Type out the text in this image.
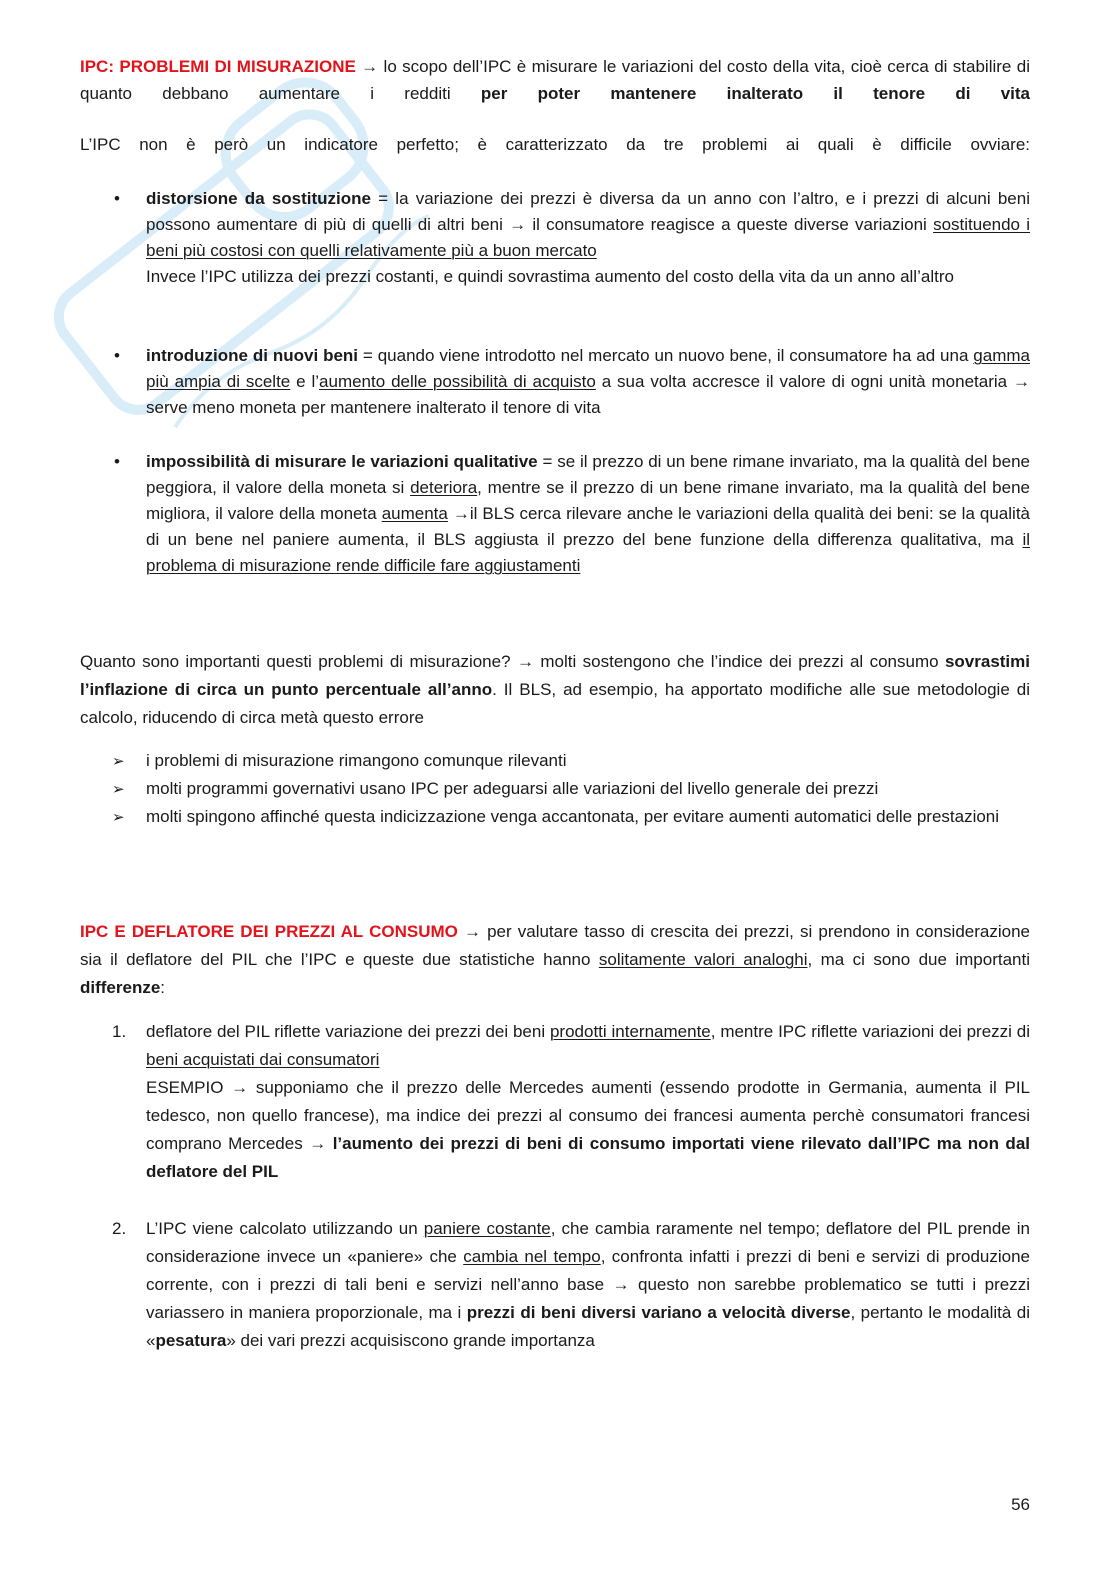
IPC: PROBLEMI DI MISURAZIONE → lo scopo dell’IPC è misurare le variazioni del costo della vita, cioè cerca di stabilire di quanto debbano aumentare i redditi per poter mantenere inalterato il tenore di vita
L’IPC non è però un indicatore perfetto; è caratterizzato da tre problemi ai quali è difficile ovviare:
• distorsione da sostituzione = la variazione dei prezzi è diversa da un anno con l’altro, e i prezzi di alcuni beni possono aumentare di più di quelli di altri beni → il consumatore reagisce a queste diverse variazioni sostituendo i beni più costosi con quelli relativamente più a buon mercato
Invece l’IPC utilizza dei prezzi costanti, e quindi sovrastima aumento del costo della vita da un anno all’altro
• introduzione di nuovi beni = quando viene introdotto nel mercato un nuovo bene, il consumatore ha ad una gamma più ampia di scelte e l’aumento delle possibilità di acquisto a sua volta accresce il valore di ogni unità monetaria → serve meno moneta per mantenere inalterato il tenore di vita
• impossibilità di misurare le variazioni qualitative = se il prezzo di un bene rimane invariato, ma la qualità del bene peggiora, il valore della moneta si deteriora, mentre se il prezzo di un bene rimane invariato, ma la qualità del bene migliora, il valore della moneta aumenta →il BLS cerca rilevare anche le variazioni della qualità dei beni: se la qualità di un bene nel paniere aumenta, il BLS aggiusta il prezzo del bene funzione della differenza qualitativa, ma il problema di misurazione rende difficile fare aggiustamenti
Quanto sono importanti questi problemi di misurazione? → molti sostengono che l’indice dei prezzi al consumo sovrastimi l’inflazione di circa un punto percentuale all’anno. Il BLS, ad esempio, ha apportato modifiche alle sue metodologie di calcolo, riducendo di circa metà questo errore
➢ i problemi di misurazione rimangono comunque rilevanti
➢ molti programmi governativi usano IPC per adeguarsi alle variazioni del livello generale dei prezzi
➢ molti spingono affinché questa indicizzazione venga accantonata, per evitare aumenti automatici delle prestazioni
IPC E DEFLATORE DEI PREZZI AL CONSUMO → per valutare tasso di crescita dei prezzi, si prendono in considerazione sia il deflatore del PIL che l’IPC e queste due statistiche hanno solitamente valori analoghi, ma ci sono due importanti differenze:
1. deflatore del PIL riflette variazione dei prezzi dei beni prodotti internamente, mentre IPC riflette variazioni dei prezzi di beni acquistati dai consumatori
ESEMPIO → supponiamo che il prezzo delle Mercedes aumenti (essendo prodotte in Germania, aumenta il PIL tedesco, non quello francese), ma indice dei prezzi al consumo dei francesi aumenta perchè consumatori francesi comprano Mercedes → l’aumento dei prezzi di beni di consumo importati viene rilevato dall’IPC ma non dal deflatore del PIL
2. L’IPC viene calcolato utilizzando un paniere costante, che cambia raramente nel tempo; deflatore del PIL prende in considerazione invece un «paniere» che cambia nel tempo, confronta infatti i prezzi di beni e servizi di produzione corrente, con i prezzi di tali beni e servizi nell’anno base → questo non sarebbe problematico se tutti i prezzi variassero in maniera proporzionale, ma i prezzi di beni diversi variano a velocità diverse, pertanto le modalità di «pesatura» dei vari prezzi acquisiscono grande importanza
56
